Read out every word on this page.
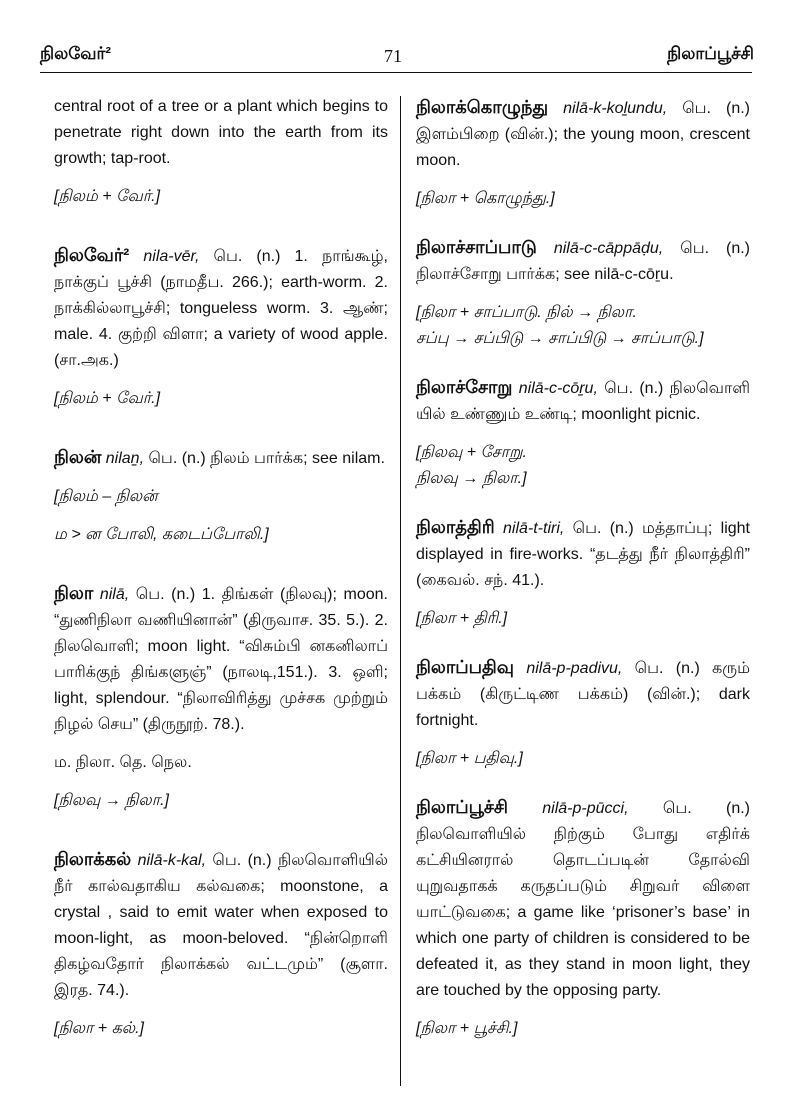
நிலவேர்²	71	நிலாப்பூச்சி

central root of a tree or a plant which begins to penetrate right down into the earth from its growth; tap-root.

[நிலம் + வேர்.]

நிலவேர்² nila-vēr, பெ. (n.) 1. நாங்கூழ், நாக்குப் பூச்சி (நாமதீப. 266.); earth-worm. 2. நாக்கில்லாபூச்சி; tongueless worm. 3. ஆண்; male. 4. குற்றி விளா; a variety of wood apple. (சா.அக.)

[நிலம் + வேர்.]

நிலன் nilaṉ, பெ. (n.) நிலம் பார்க்க; see nilam.

[நிலம் – நிலன்

ம > ன போலி, கடைப்போலி.]

நிலா nilā, பெ. (n.) 1. திங்கள் (நிலவு); moon. “துணிநிலா வணியினான்” (திருவாச. 35. 5.). 2. நிலவொளி; moon light. “விசும்பி னகனிலாப் பாரிக்குந் திங்களுஞ்” (நாலடி,151.). 3. ஒளி; light, splendour. “நிலாவிரித்து முச்சக முற்றும் நிழல் செய” (திருநூற். 78.).

ம. நிலா. தெ. நெல.

[நிலவு → நிலா.]

நிலாக்கல் nilā-k-kal, பெ. (n.) நிலவொளியில் நீர் கால்வதாகிய கல்வகை; moonstone, a crystal , said to emit water when exposed to moon-light, as moon-beloved. “நின்றொளி திகழ்வதோர் நிலாக்கல் வட்டமும்” (சூளா. இரத. 74.).

[நிலா + கல்.]

நிலாக்கொழுந்து nilā-k-koḻundu, பெ. (n.) இளம்பிறை (வின்.); the young moon, crescent moon.

[நிலா + கொழுந்து.]

நிலாச்சாப்பாடு nilā-c-cāppāḍu, பெ. (n.) நிலாச்சோறு பார்க்க; see nilā-c-cōṟu.

[நிலா + சாப்பாடு. நில் → நிலா.

சப்பு → சப்பிடு → சாப்பிடு → சாப்பாடு.]

நிலாச்சோறு nilā-c-cōṟu, பெ. (n.) நிலவொளி யில் உண்ணும் உண்டி; moonlight picnic.

[நிலவு + சோறு.

நிலவு → நிலா.]

நிலாத்திரி nilā-t-tiri, பெ. (n.) மத்தாப்பு; light displayed in fire-works. “தடத்து நீர் நிலாத்திரி” (கைவல். சந். 41.).

[நிலா + திரி.]

நிலாப்பதிவு nilā-p-padivu, பெ. (n.) கரும் பக்கம் (கிருட்டிண பக்கம்) (வின்.); dark fortnight.

[நிலா + பதிவு.]

நிலாப்பூச்சி nilā-p-pūcci, பெ. (n.) நிலவொளியில் நிற்கும் போது எதிர்க் கட்சியினரால் தொடப்படின் தோல்வி யுறுவதாகக் கருதப்படும் சிறுவர் விளை யாட்டுவகை; a game like ‘prisoner’s base’ in which one party of children is considered to be defeated it, as they stand in moon light, they are touched by the opposing party.

[நிலா + பூச்சி.]
